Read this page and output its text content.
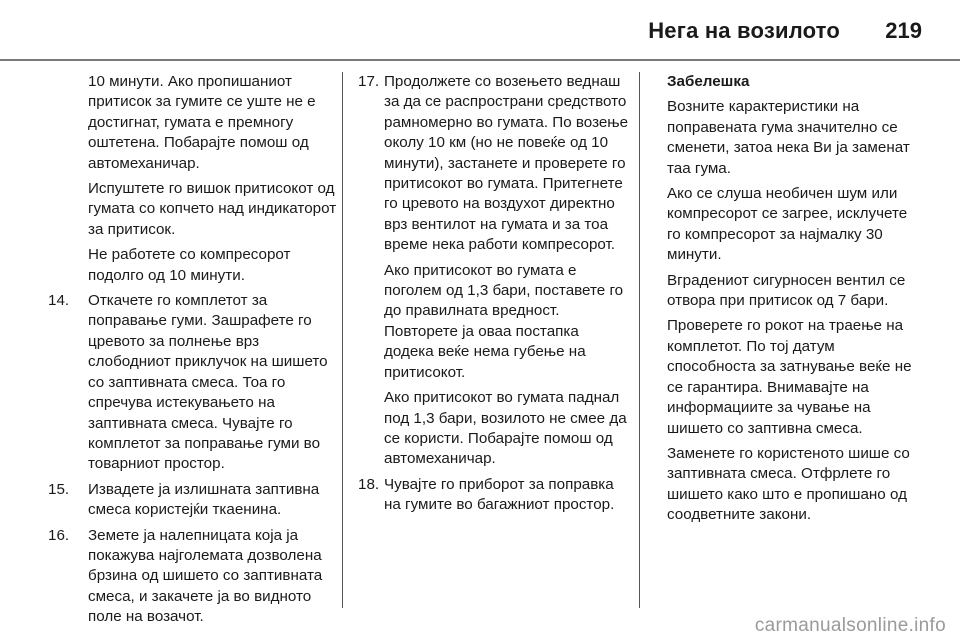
Нега на возилото 219

10 минути. Ако пропишаниот притисок за гумите се уште не е достигнат, гумата е премногу оштетена. Побарајте помош од автомеханичар.

Испуштете го вишок притисокот од гумата со копчето над индикаторот за притисок.

Не работете со компресорот подолго од 10 минути.

14. Откачете го комплетот за поправање гуми. Зашрафете го цревото за полнење врз слободниот приклучок на шишето со заптивната смеса. Тоа го спречува истекувањето на заптивната смеса. Чувајте го комплетот за поправање гуми во товарниот простор.

15. Извадете ја излишната заптивна смеса користејќи ткаенина.

16. Земете ја налепницата која ја покажува најголемата дозволена брзина од шишето со заптивната смеса, и закачете ја во видното поле на возачот.

17. Продолжете со возењето веднаш за да се распространи средството рамномерно во гумата. По возење околу 10 км (но не повеќе од 10 минути), застанете и проверете го притисокот во гумата. Притегнете го цревото на воздухот директно врз вентилот на гумата и за тоа време нека работи компресорот.

Ако притисокот во гумата е поголем од 1,3 бари, поставете го до правилната вредност. Повторете ја оваа постапка додека веќе нема губење на притисокот.

Ако притисокот во гумата паднал под 1,3 бари, возилото не смее да се користи. Побарајте помош од автомеханичар.

18. Чувајте го приборот за поправка на гумите во багажниот простор.

Забелешка

Возните карактеристики на поправената гума значително се сменети, затоа нека Ви ја заменат таа гума.

Ако се слуша необичен шум или компресорот се загрее, исклучете го компресорот за најмалку 30 минути.

Вградениот сигурносен вентил се отвора при притисок од 7 бари.

Проверете го рокот на траење на комплетот. По тој датум способноста за затнување веќе не се гарантира. Внимавајте на информациите за чување на шишето со заптивна смеса.

Заменете го користеното шише со заптивната смеса. Отфрлете го шишето како што е пропишано од соодветните закони.

carmanualsonline.info
